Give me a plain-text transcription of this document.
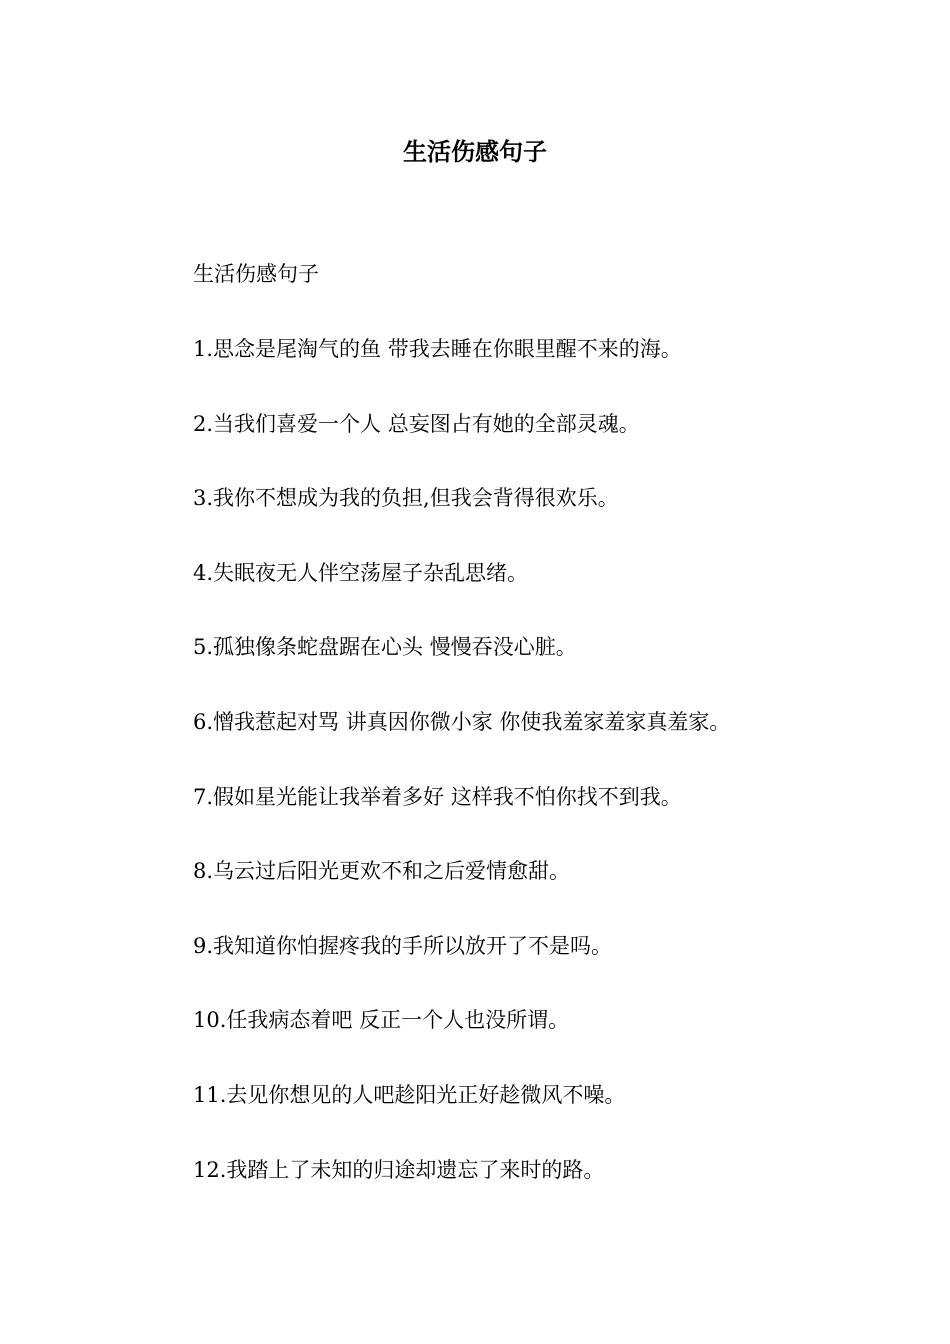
生活伤感句子

生活伤感句子

1.思念是尾淘气的鱼 带我去睡在你眼里醒不来的海。
2.当我们喜爱一个人 总妄图占有她的全部灵魂。
3.我你不想成为我的负担,但我会背得很欢乐。
4.失眠夜无人伴空荡屋子杂乱思绪。
5.孤独像条蛇盘踞在心头 慢慢吞没心脏。
6.憎我惹起对骂 讲真因你微小家 你使我羞家羞家真羞家。
7.假如星光能让我举着多好 这样我不怕你找不到我。
8.乌云过后阳光更欢不和之后爱情愈甜。
9.我知道你怕握疼我的手所以放开了不是吗。
10.任我病态着吧 反正一个人也没所谓。
11.去见你想见的人吧趁阳光正好趁微风不噪。
12.我踏上了未知的归途却遗忘了来时的路。
